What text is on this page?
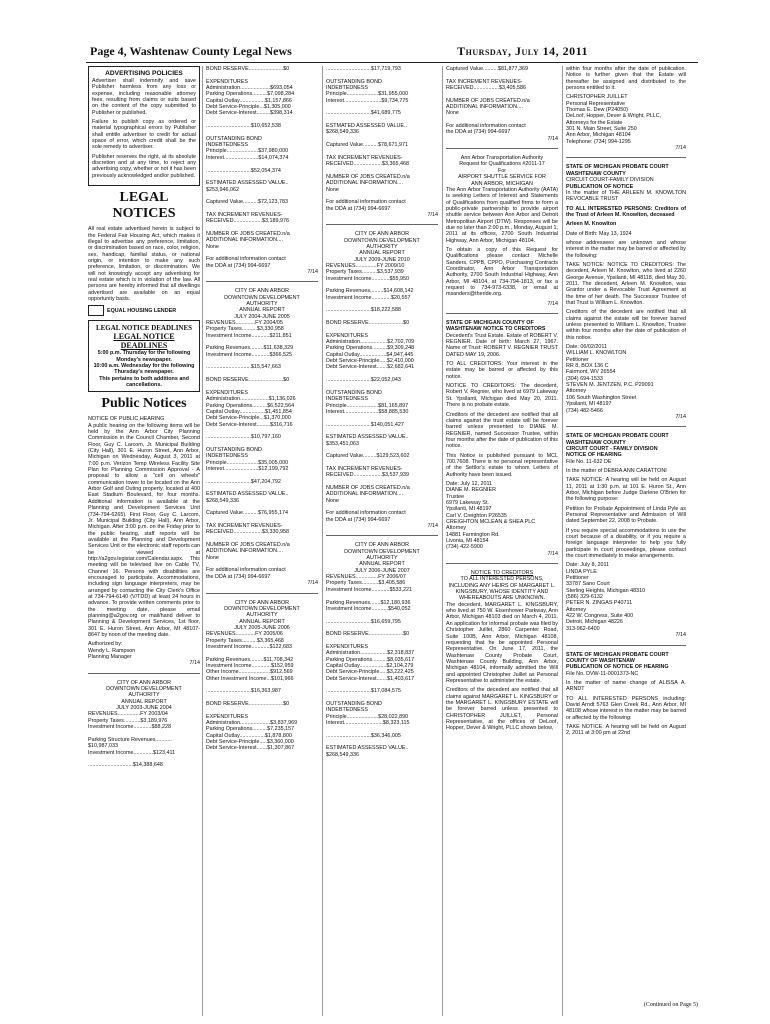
Page 4, Washtenaw County Legal News	Thursday, July 14, 2011
ADVERTISING POLICIES

Advertiser shall indemnify and save Publisher harmless from any loss or expense, including reasonable attorney fees, resulting from claims or suits based on the content of the copy submitted to Publisher or published.

Failure to publish copy as ordered or material typographical errors by Publisher shall entitle advertiser to credit for actual space of error, which credit shall be the sole remedy to advertiser.

Publisher reserves the right, at its absolute discretion and at any time, to reject any advertising copy, whether or not it has been previously acknowledged and/or published.

LEGAL NOTICES

All real estate advertised herein is subject to the Federal Fair Housing Act, which makes it illegal to advertise any preference, limitation, or discrimination based on race, color, religion, sex, handicap, familial status, or national origin, or intention to make any such preference, limitation, or discrimination. We will not knowingly accept any advertising for real estate which is in violation of the law. All persons are hereby informed that all dwellings advertised are available on an equal opportunity basis.

EQUAL HOUSING LENDER
LEGAL NOTICE DEADLINES
LEGAL NOTICE DEADLINES
5:00 p.m. Thursday for the following
Monday's newspaper.
10:00 a.m. Wednesday for the following
Thursday's newspaper.
This pertains to both additions and cancellations.
Public Notices
NOTICE OF PUBLIC HEARING

A public hearing on the following items will be held by the Ann Arbor City Planning Commission in the Council Chamber, Second Floor, Guy C. Larcom, Jr. Municipal Building (City Hall), 301 E. Huron Street, Ann Arbor, Michigan on Wednesday, August 3, 2011 at 7:00 p.m. Verizon Temp Wireless Facility Site Plan for Planning Commission Approval - A proposal to allow a "cell on wheels" communication tower to be located on the Ann Arbor Golf and Outing property, located at 400 East Stadium Boulevard, for four months. Additional information is available at the Planning and Development Services Unit (734-794-6265). First Floor, Guy C. Larcom, Jr. Municipal Building (City Hall), Ann Arbor, Michigan. After 3:00 p.m. on the Friday prior to the public hearing, staff reports will be available at the Planning and Development Services Unit or the electronic staff reports can be viewed at http://a2gov.legistar.com/Calendar.aspx. This meeting will be televised live on Cable TV, Channel 16. Persons with disabilities are encouraged to participate. Accommodations, including sign language interpreters, may be arranged by contacting the City Clerk's Office at 734-794-6140 (V/TDD) at least 24 hours in advance. To provide written comments prior to the meeting date, please email planning@a2gov.org or mail/hand deliver to Planning & Development Services, 1st floor, 301 E. Huron Street, Ann Arbor, MI 48107-8647 by noon of the meeting date.

Authorized by:
Wendy L. Rampson
Planning Manager
7/14
CITY OF ANN ARBOR
DOWNTOWN DEVELOPMENT
AUTHORITY
ANNUAL REPORT
JULY 2003-JUNE 2004
REVENUES...............FY 2003/04
Property Taxes...........$3,189,976
Investment Income............$88,228

Parking Structure Revenues...........
$10,987,033
Investment Income.............$123,411

..............................$14,388,648
BOND RESERVE.......................$0

EXPENDITURES
Administration....................$693,054
Parking Operations..........$7,098,284
Capital Outlay.................$1,157,866
Debt Service-Principle...$1,305,000
Debt Service-Interest.........$398,314

..............................$10,652,538

OUTSTANDING BOND
INDEBTEDNESS
Principle.....................$37,980,000
Interest.......................$14,074,374

..............................$52,054,374

ESTIMATED ASSESSED VALUE..
$253,946,062

Captured Value..........$72,123,783

TAX INCREMENT REVENUES-
RECEIVED...................$3,189,976

NUMBER OF JOBS CREATED.n/a
ADDITIONAL INFORMATION....
None

For additional information contact
the DDA at (734) 994-6697
7/14
CITY OF ANN ARBOR
DOWNTOWN DEVELOPMENT
AUTHORITY
ANNUAL REPORT
JULY 2004-JUNE 2005
REVENUES.............FY 2004/05
Property Taxes..........$3,330,958
Investment Income............$211,851

Parking Revenues.........$11,638,329
Investment Income............$366,525

..............................$15,547,663

BOND RESERVE.......................$0

EXPENDITURES
Administration...................$1,136,026
Parking Operations..........$6,522,564
Capital Outlay.................$1,451,854
Debt Service-Principle...$1,370,000
Debt Service-Interest.........$316,716

..............................$10,797,160

OUTSTANDING BOND
INDEBTEDNESS
Principle.....................$35,005,000
Interest.......................$12,199,792

..............................$47,204,792

ESTIMATED ASSESSED VALUE..
$268,549,336

Captured Value..........$76,955,174

TAX INCREMENT REVENUES-
RECEIVED...................$3,330,958

NUMBER OF JOBS CREATED.n/a
ADDITIONAL INFORMATION....
None

For additional information contact
the DDA at (734) 994-6697
7/14
CITY OF ANN ARBOR
DOWNTOWN DEVELOPMENT
AUTHORITY
ANNUAL REPORT
JULY 2005-JUNE 2006
REVENUES.............FY 2005/06
Property Taxes..........$3,365,468
Investment Income............$122,683

Parking Revenues.........$11,708,342
Investment Income.............$152,959
Other Income.....................$912,569
Other Investment Income...$101,966

..............................$16,363,987

BOND RESERVE.......................$0

EXPENDITURES
Administration....................$3,837,969
Parking Operations..........$7,235,157
Capital Outlay.................$1,878,800
Debt Service-Principle.....$3,360,000
Debt Service-Interest.......$1,307,867
..............................$17,719,793

OUTSTANDING BOND
INDEBTEDNESS
Principle.....................$31,955,000
Interest.........................$9,734,775

..............................$41,689,775

ESTMATED ASSESSED VALUE..
$268,549,336

Captured Value..........$78,671,971

TAX INCREMENT REVENUES-
RECEIVED...................$3,365,468

NUMBER OF JOBS CREATED.n/a
ADDITIONAL INFORMATION....
None

For additional information contact
the DDA at (734) 994-6697
7/14
CITY OF ANN ARBOR
DOWNTOWN DEVELOPMENT
AUTHORITY
ANNUAL REPORT
JULY 2009-JUNE 2010
REVENUES..............FY 2009/10
Property Taxes..........$3,537,939
Investment Income............$55,950

Parking Revenues.........$14,608,142
Investment Income.............$20,557

..............................$18,222,588

BOND RESERVE.......................$0

EXPENDITURES
Administration..................$2,702,709
Parking Operations..........$9,309,248
Capital Outlay..................$4,947,445
Debt Service-Principle.....$2,410,000
Debt Service-Interest.......$2,682,641

..............................$22,052,043

OUTSTANDING BOND
INDEBTEDNESS
Principle.....................$81,165,897
Interest.......................$58,885,530

..............................$140,051,427

ESTIMATED ASSESSED VALUE..
$353,451,063

Captured Value.........$129,523,602

TAX INCREMENT REVENUES-
RECEIVED...................$3,537,939

NUMBER OF JOBS CREATED.n/a
ADDITIONAL INFORMATION....
None

For additional information contact
the DDA at (734) 994-6697
7/14
CITY OF ANN ARBOR
DOWNTOWN DEVELOPMENT
AUTHORITY
ANNUAL REPORT
JULY 2006-JUNE 2007
REVENUES...............FY 2006/07
Property Taxes...........$3,405,586
Investment Income............$533,221

Parking Revenues.......$12,180,936
Investment Income...........$540,052

..............................$16,659,795

BOND RESERVE.......................$0

EXPENDITURES
Administration..................$2,318,837
Parking Operations..........$8,035,617
Capital Outlay..................$2,104,279
Debt Service-Principle.....$3,222,425
Debt Service-Interest.......$1,403,617

..............................$17,084,575

OUTSTANDING BOND
INDEBTEDNESS
Principle.....................$28,022,890
Interest..........................$8,323,115

..............................$36,346,005

ESTIMATED ASSESSED VALUE..
$268,549,336
Captured Value..........$81,877,369

TAX INCREMENT REVENUES-
RECEIVED.................$3,405,586

NUMBER OF JOBS CREATED.n/a
ADDITIONAL INFORMATION....
None

For additional information contact
the DDA at (734) 994-6697
7/14
Ann Arbor Transportation Authority
Request for Qualifications #2011-17
For
AIRPORT SHUTTLE SERVICE FOR
ANN ARBOR, MICHIGAN

The Ann Arbor Transportation Authority (AATA) is seeking Letters of Interest and Statements of Qualifications from qualified firms to form a public-private partnership to provide airport shuttle service between Ann Arbor and Detroit Metropolitan Airport (DTW). Responses will be due no later than 2:00 p.m., Monday, August 1, 2011 at its offices, 2700 South Industrial Highway, Ann Arbor, Michigan 48104.

To obtain a copy of this Request for Qualifications please contact Michelle Sanders, CPPB, CPPO, Purchasing Contracts Coordinator, Ann Arbor Transportation Authority, 2700 South Industrial Highway, Ann Arbor, MI 48104, at 734-794-1813, or fax a request to 734-973-6338, or email at msanders@theride.org.

7/14
STATE OF MICHIGAN COUNTY OF WASHTENAW NOTICE TO CREDITORS

Decedent's Trust Estate. Estate of ROBERT V. REGNIER. Date of birth: March 27, 1967. Name of Trust: ROBERT V. REGNIER TRUST DATED MAY 19, 2006.

TO ALL CREDITORS: Your interest in the estate may be barred or affected by this notice.

NOTICE TO CREDITORS: The decedent, Robert V. Regnier, who lived at 6979 Lakeway St. Ypsilanti, Michigan died May 20, 2011. There is no probate estate.

Creditors of the decedent are notified that all claims against the trust estate will be forever barred unless presented to DIANE M. REGNIER, named Successor Trustee, within four months after the date of publication of this notice.

This Notice is published pursuant to MCL 700.7608. There is no personal representative of the Settlor's estate to whom Letters of Authority have been issued.

Date: July 12, 2011
DIANE M. REGNIER
Trustee
6979 Lakeway St.
Ypsilanti, MI 48197
Carl V. Creighton P26535
CREIGHTON MCLEAN & SHEA PLC
Attorney
14881 Farmington Rd.
Livonia, MI 48154
(734) 422-5900
7/14
NOTICE TO CREDITORS
TO ALL INTERESTED PERSONS, INCLUDING ANY HEIRS OF MARGARET L. KINGSBURY, WHOSE IDENTITY AND WHEREABOUTS ARE UNKNOWN.

The decedent, MARGARET L. KINGSBURY, who lived at 750 W. Eisenhower Parkway, Ann Arbor, Michigan 48103 died on March 4, 2011. An application for informal probate was filed by Christopher Juillet, 2860 Carpenter Road, Suite 100B, Ann Arbor, Michigan 48108, requesting that he be appointed Personal Representative. On June 17, 2011, the Washtenaw County Probate Court, Washtenaw County Building, Ann Arbor, Michigan 48104, informally admitted the Will and appointed Christopher Juillet as Personal Representative to administer the estate.

Creditors of the decedent are notified that all claims against MARGARET L. KINGSBURY or the MARGARET L. KINGSBURY ESTATE will be forever barred unless presented to CHRISTOPHER JUILLET, Personal Representative, at the offices of DeLoof, Hopper, Dever & Wright, PLLC shown below,

within four months after the date of publication. Notice is further given that the Estate will thereafter be assigned and distributed to the persons entitled to it.

CHRISTOPHER JUILLET
Personal Representative
Thomas E. Dew (P24050)
DeLoof, Hopper, Dever & Wright, PLLC,
Attorneys for the Estate
301 N. Main Street, Suite 250
Ann Arbor, Michigan 48104
Telephone: (734) 994-1295
7/14
STATE OF MICHIGAN PROBATE COURT WASHTENAW COUNTY
CIRCUIT COURT-FAMILY DIVISION
PUBLICATION OF NOTICE

In the matter of THE ARLEEN M. KNOWLTON REVOCABLE TRUST

TO ALL INTERESTED PERSONS: Creditors of the Trust of Arleen M. Knowlton, deceased

Arleen M. Knowlton

Date of Birth: May 13, 1924

whose addressees are unknown and whose interest in the matter may be barred or affected by the following:

TAKE NOTICE: NOTICE TO CREDITORS: The decedent, Arleen M. Knowlton, who lived at 2260 George Avenue, Ypsilanti, MI 48118, died May 30, 2011. The decedent, Arleen M. Knowlton, was Grantor under a Revocable Trust Agreement at the time of her death. The Successor Trustee of that Trust is William L. Knowlton.

Creditors of the decedent are notified that all claims against the estate will be forever barred unless presented to William L. Knowlton, Trustee within four months after the date of publication of this notice.

Date: 06/02/2011
WILLIAM L. KNOWLTON
Petitioner
RR 8, BOX 136 C
Fairmont, WV 26554
(304) 694-1533
STEVEN M. JENTZEN, P.C. P29091
Attorney
106 South Washington Street
Ypsilanti, MI 48197
(734) 482-5466
7/14
STATE OF MICHIGAN PROBATE COURT WASHTENAW COUNTY
CIRCUIT COURT - FAMILY DIVISION
NOTICE OF HEARING

File No. 11-632 DE

In the matter of DEBRA ANN CARATTONI

TAKE NOTICE: A hearing will be held on August 11, 2011 at 1:30 p.m. at 101 E. Huron St., Ann Arbor, Michigan before Judge Darlene O'Brien for the following purpose:

Petition for Probate Appointment of Linda Pyle as Personal Representative and Admission of Will dated September 22, 2008 to Probate.

If you require special accommodations to use the court because of a disability, or if you require a foreign language interpreter to help you fully participate in court proceedings, please contact the court immediately to make arrangements.

Date: July 8, 2011
LINDA PYLE
Petitioner
33787 Sano Court
Sterling Heights, Michigan 48310
(586) 329-6132
PETER N. ZINGAS P40711
Attorney
422 W. Congress, Suite 400
Detroit, Michigan 48226
313-962-6400
7/14
STATE OF MICHIGAN PROBATE COURT COUNTY OF WASHTENAW
PUBLICATION OF NOTICE OF HEARING

File No. DVW-11-0001373-NC

In the matter of name change of ALISSA A. ARNDT

TO ALL INTERESTED PERSONS including: David Arndt 5763 Glen Creek Rd., Ann Arbor, MI 48108 whose interest in the matter may be barred or affected by the following:

TAKE NOTICE: A hearing will be held on August 2, 2011 at 3:00 pm at 22nd

(Continued on Page 5)
